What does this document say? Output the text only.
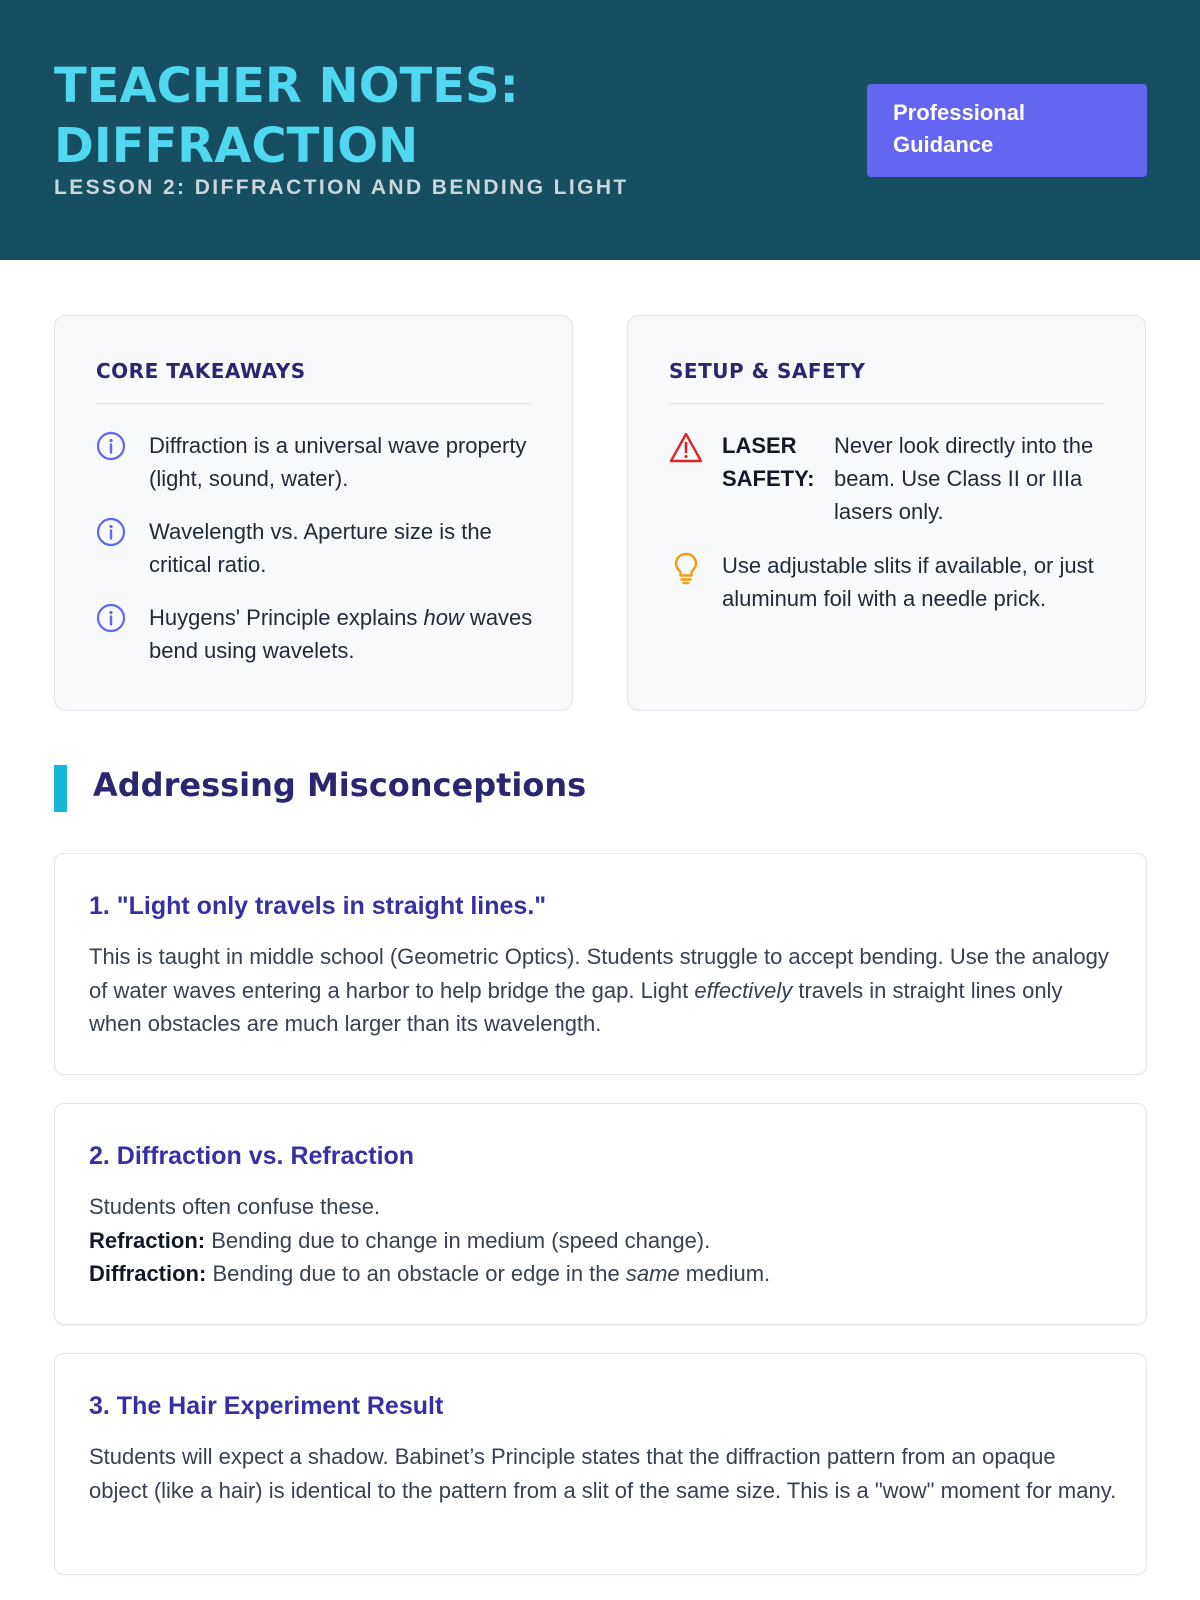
TEACHER NOTES: DIFFRACTION
LESSON 2: DIFFRACTION AND BENDING LIGHT
Professional Guidance
CORE TAKEAWAYS
Diffraction is a universal wave property (light, sound, water).
Wavelength vs. Aperture size is the critical ratio.
Huygens' Principle explains how waves bend using wavelets.
SETUP & SAFETY
LASER SAFETY:
Never look directly into the beam. Use Class II or IIIa lasers only.
Use adjustable slits if available, or just aluminum foil with a needle prick.
Addressing Misconceptions
1. "Light only travels in straight lines."
This is taught in middle school (Geometric Optics). Students struggle to accept bending. Use the analogy of water waves entering a harbor to help bridge the gap. Light effectively travels in straight lines only when obstacles are much larger than its wavelength.
2. Diffraction vs. Refraction
Students often confuse these.
Refraction: Bending due to change in medium (speed change).
Diffraction: Bending due to an obstacle or edge in the same medium.
3. The Hair Experiment Result
Students will expect a shadow. Babinet’s Principle states that the diffraction pattern from an opaque object (like a hair) is identical to the pattern from a slit of the same size. This is a "wow" moment for many.
